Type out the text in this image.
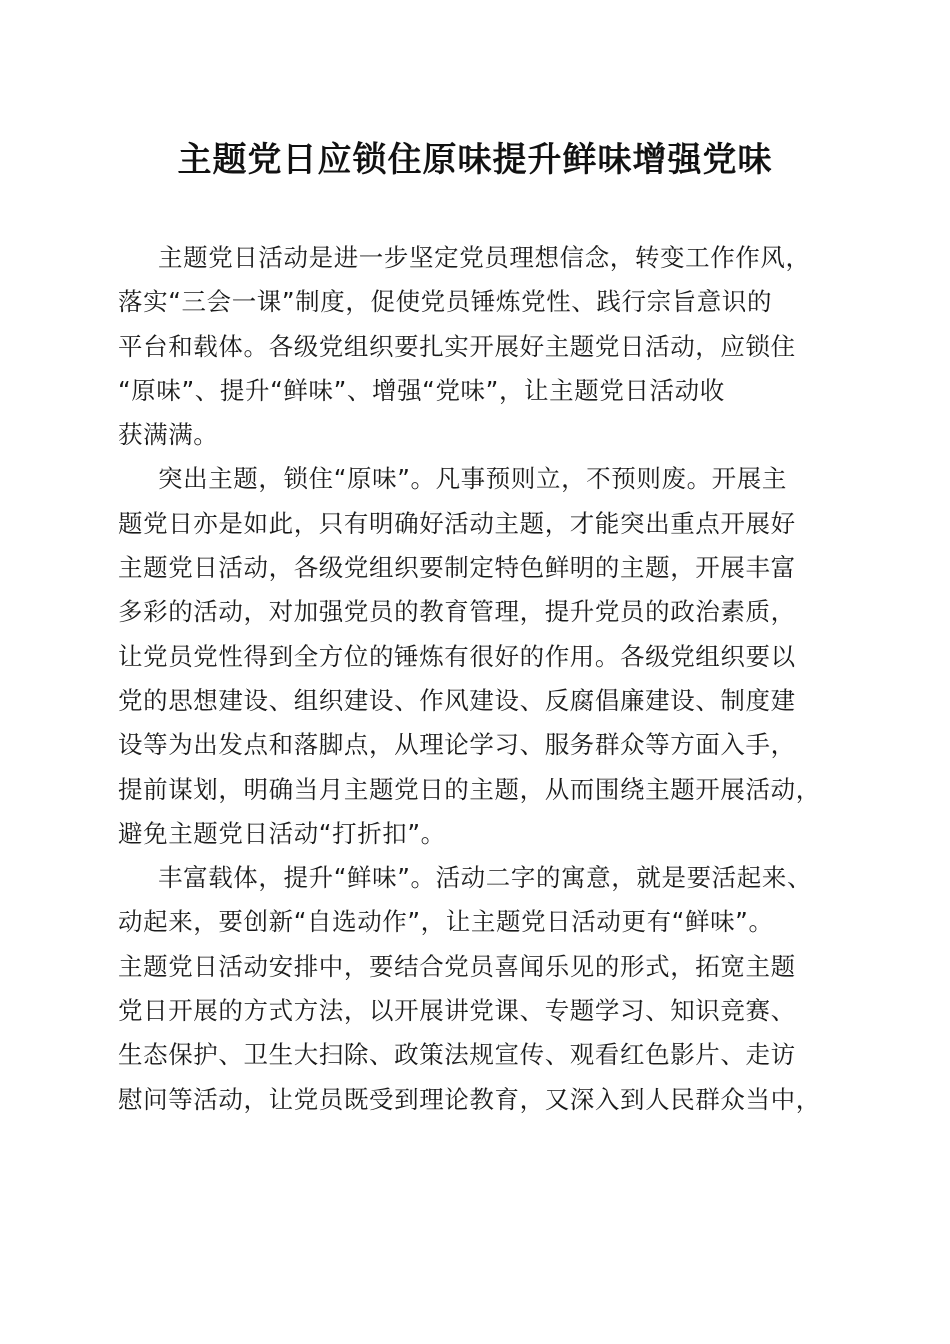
主题党日应锁住原味提升鲜味增强党味
主题党日活动是进一步坚定党员理想信念，转变工作作风，
落实“三会一课”制度，促使党员锤炼党性、践行宗旨意识的
平台和载体。各级党组织要扎实开展好主题党日活动，应锁住
“原味”、提升“鲜味”、增强“党味”，让主题党日活动收
获满满。
突出主题，锁住“原味”。凡事预则立，不预则废。开展主
题党日亦是如此，只有明确好活动主题，才能突出重点开展好
主题党日活动，各级党组织要制定特色鲜明的主题，开展丰富
多彩的活动，对加强党员的教育管理，提升党员的政治素质，
让党员党性得到全方位的锤炼有很好的作用。各级党组织要以
党的思想建设、组织建设、作风建设、反腐倡廉建设、制度建
设等为出发点和落脚点，从理论学习、服务群众等方面入手，
提前谋划，明确当月主题党日的主题，从而围绕主题开展活动，
避免主题党日活动“打折扣”。
丰富载体，提升“鲜味”。活动二字的寓意，就是要活起来、
动起来，要创新“自选动作”，让主题党日活动更有“鲜味”。
主题党日活动安排中，要结合党员喜闻乐见的形式，拓宽主题
党日开展的方式方法，以开展讲党课、专题学习、知识竞赛、
生态保护、卫生大扫除、政策法规宣传、观看红色影片、走访
慰问等活动，让党员既受到理论教育，又深入到人民群众当中，
